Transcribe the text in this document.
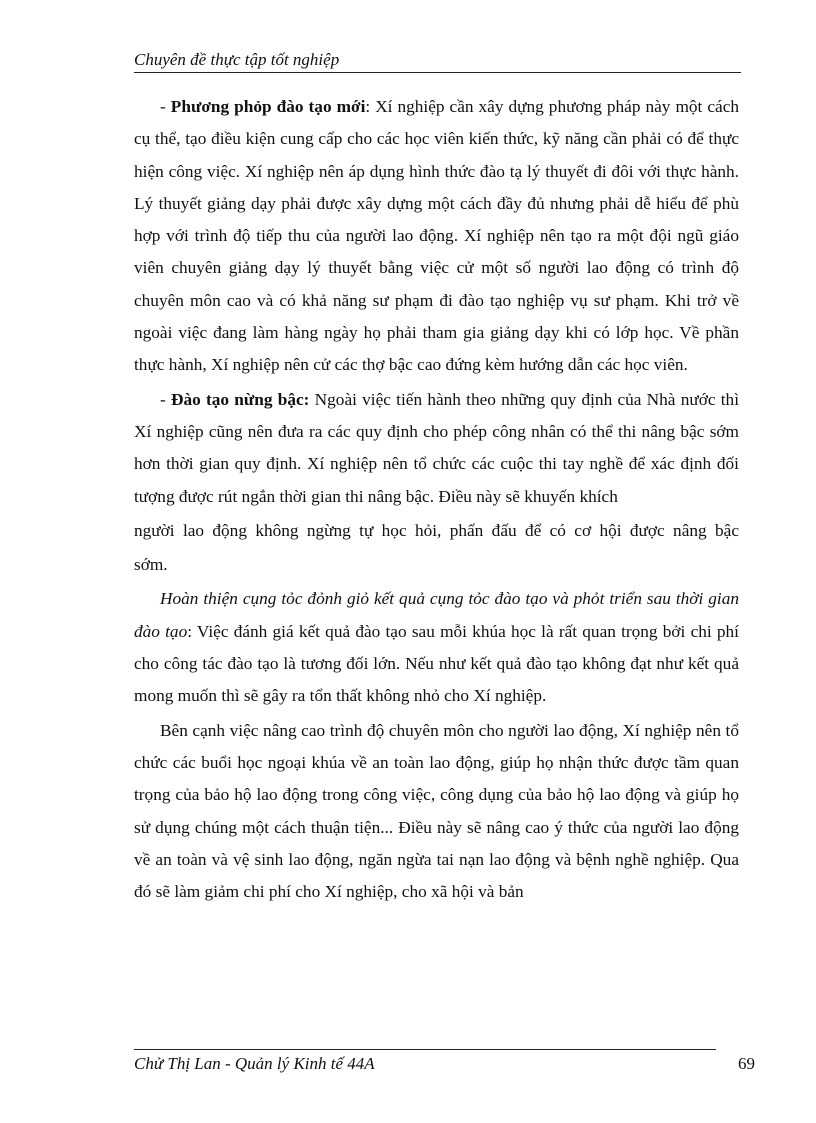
Chuyên đề thực tập tốt nghiệp

- Phương phỏp đào tạo mới: Xí nghiệp cần xây dựng phương pháp này một cách cụ thể, tạo điều kiện cung cấp cho các học viên kiến thức, kỹ năng cần phải có để thực hiện công việc. Xí nghiệp nên áp dụng hình thức đào tạ lý thuyết đi đôi với thực hành. Lý thuyết giảng dạy phải được xây dựng một cách đầy đủ nhưng phải dễ hiểu để phù hợp với trình độ tiếp thu của người lao động. Xí nghiệp nên tạo ra một đội ngũ giáo viên chuyên giảng dạy lý thuyết bằng việc cử một số người lao động có trình độ chuyên môn cao và có khả năng sư phạm đi đào tạo nghiệp vụ sư phạm. Khi trở về ngoài việc đang làm hàng ngày họ phải tham gia giảng dạy khi có lớp học. Về phần thực hành, Xí nghiệp nên cử các thợ bậc cao đứng kèm hướng dẫn các học viên.

- Đào tạo nừng bậc: Ngoài việc tiến hành theo những quy định của Nhà nước thì Xí nghiệp cũng nên đưa ra các quy định cho phép công nhân có thể thi nâng bậc sớm hơn thời gian quy định. Xí nghiệp nên tổ chức các cuộc thi tay nghề để xác định đối tượng được rút ngắn thời gian thi nâng bậc. Điều này sẽ khuyến khích

người lao động không ngừng tự học hỏi, phấn đấu để có cơ hội được nâng bậc

sớm.

Hoàn thiện cụng tỏc đỏnh giỏ kết quả cụng tỏc đào tạo và phỏt triển sau thời gian đào tạo: Việc đánh giá kết quả đào tạo sau mỗi khúa học là rất quan trọng bởi chi phí cho công tác đào tạo là tương đối lớn. Nếu như kết quả đào tạo không đạt như kết quả mong muốn thì sẽ gây ra tổn thất không nhỏ cho Xí nghiệp.

Bên cạnh việc nâng cao trình độ chuyên môn cho người lao động, Xí nghiệp nên tổ chức các buổi học ngoại khúa về an toàn lao động, giúp họ nhận thức được tầm quan trọng của bảo hộ lao động trong công việc, công dụng của bảo hộ lao động và giúp họ sử dụng chúng một cách thuận tiện... Điều này sẽ nâng cao ý thức của người lao động về an toàn và vệ sinh lao động, ngăn ngừa tai nạn lao động và bệnh nghề nghiệp. Qua đó sẽ làm giảm chi phí cho Xí nghiệp, cho xã hội và bản

Chử Thị Lan - Quản lý Kinh tế 44A	69
